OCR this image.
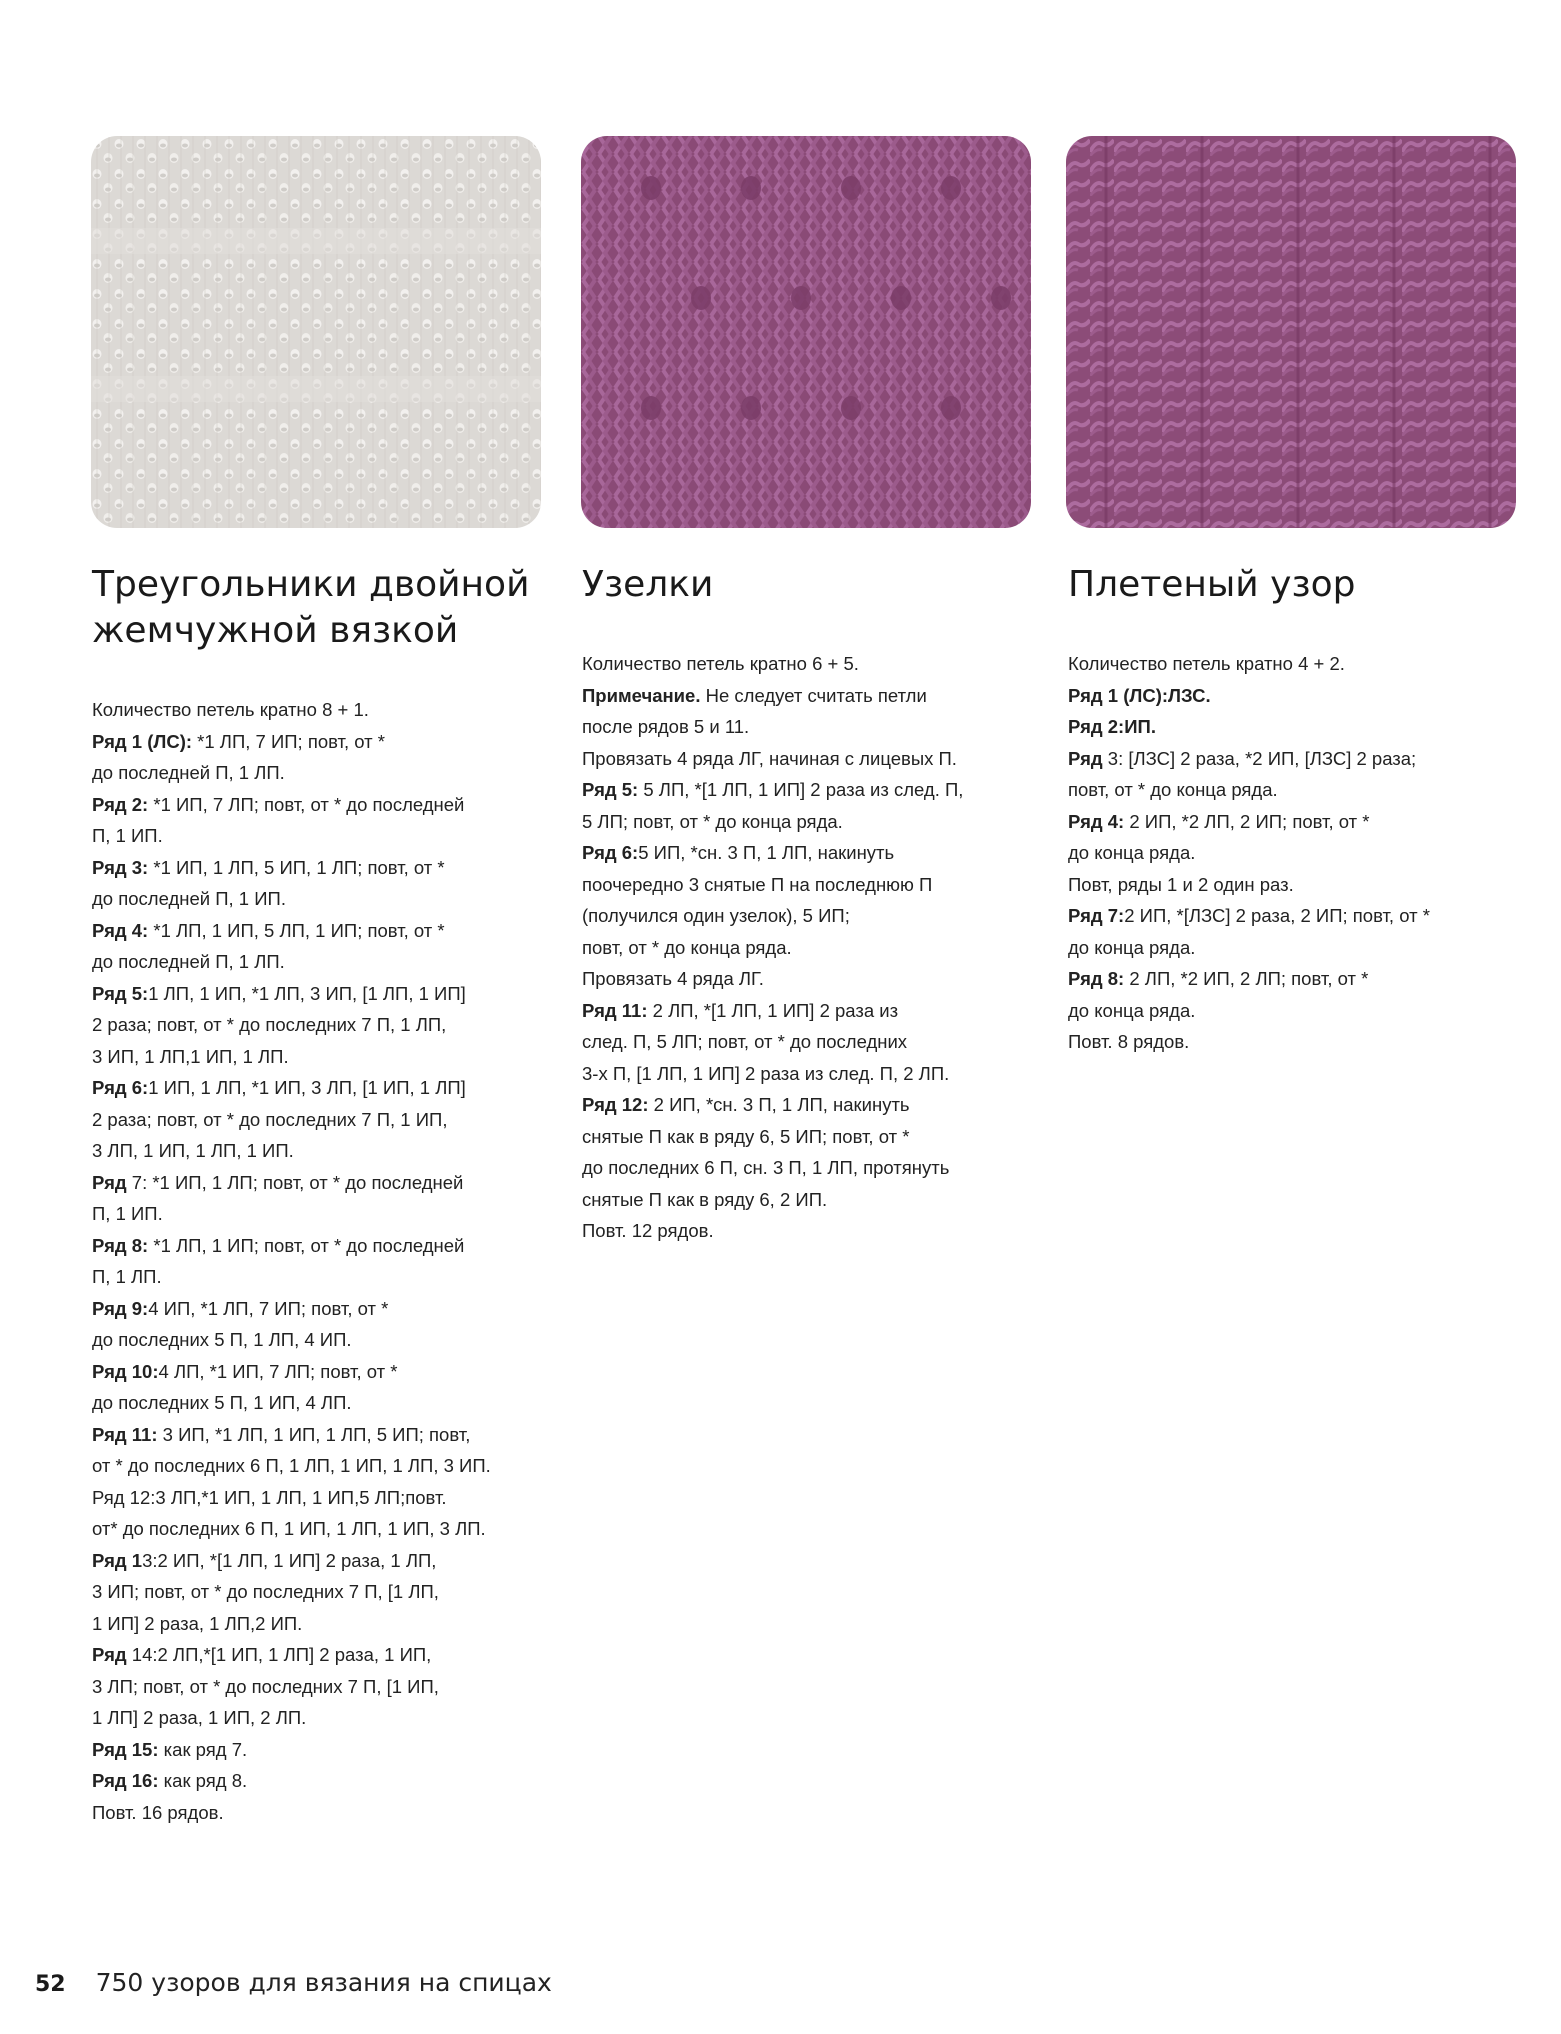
Треугольники двойной
жемчужной вязкой
Количество петель кратно 8 + 1.
Ряд 1 (ЛС): *1 ЛП, 7 ИП; повт, от *
до последней П, 1 ЛП.
Ряд 2: *1 ИП, 7 ЛП; повт, от * до последней
П, 1 ИП.
Ряд 3: *1 ИП, 1 ЛП, 5 ИП, 1 ЛП; повт, от *
до последней П, 1 ИП.
Ряд 4: *1 ЛП, 1 ИП, 5 ЛП, 1 ИП; повт, от *
до последней П, 1 ЛП.
Ряд 5:1 ЛП, 1 ИП, *1 ЛП, 3 ИП, [1 ЛП, 1 ИП]
2 раза; повт, от * до последних 7 П, 1 ЛП,
3 ИП, 1 ЛП,1 ИП, 1 ЛП.
Ряд 6:1 ИП, 1 ЛП, *1 ИП, 3 ЛП, [1 ИП, 1 ЛП]
2 раза; повт, от * до последних 7 П, 1 ИП,
3 ЛП, 1 ИП, 1 ЛП, 1 ИП.
Ряд 7: *1 ИП, 1 ЛП; повт, от * до последней
П, 1 ИП.
Ряд 8: *1 ЛП, 1 ИП; повт, от * до последней
П, 1 ЛП.
Ряд 9:4 ИП, *1 ЛП, 7 ИП; повт, от *
до последних 5 П, 1 ЛП, 4 ИП.
Ряд 10:4 ЛП, *1 ИП, 7 ЛП; повт, от *
до последних 5 П, 1 ИП, 4 ЛП.
Ряд 11: 3 ИП, *1 ЛП, 1 ИП, 1 ЛП, 5 ИП; повт,
от * до последних 6 П, 1 ЛП, 1 ИП, 1 ЛП, 3 ИП.
Ряд 12:3 ЛП,*1 ИП, 1 ЛП, 1 ИП,5 ЛП;повт.
от* до последних 6 П, 1 ИП, 1 ЛП, 1 ИП, 3 ЛП.
Ряд 13:2 ИП, *[1 ЛП, 1 ИП] 2 раза, 1 ЛП,
3 ИП; повт, от * до последних 7 П, [1 ЛП,
1 ИП] 2 раза, 1 ЛП,2 ИП.
Ряд 14:2 ЛП,*[1 ИП, 1 ЛП] 2 раза, 1 ИП,
3 ЛП; повт, от * до последних 7 П, [1 ИП,
1 ЛП] 2 раза, 1 ИП, 2 ЛП.
Ряд 15: как ряд 7.
Ряд 16: как ряд 8.
Повт. 16 рядов.
Узелки
Количество петель кратно 6 + 5.
Примечание. Не следует считать петли
после рядов 5 и 11.
Провязать 4 ряда ЛГ, начиная с лицевых П.
Ряд 5: 5 ЛП, *[1 ЛП, 1 ИП] 2 раза из след. П,
5 ЛП; повт, от * до конца ряда.
Ряд 6:5 ИП, *сн. 3 П, 1 ЛП, накинуть
поочередно 3 снятые П на последнюю П
(получился один узелок), 5 ИП;
повт, от * до конца ряда.
Провязать 4 ряда ЛГ.
Ряд 11: 2 ЛП, *[1 ЛП, 1 ИП] 2 раза из
след. П, 5 ЛП; повт, от * до последних
3-х П, [1 ЛП, 1 ИП] 2 раза из след. П, 2 ЛП.
Ряд 12: 2 ИП, *сн. 3 П, 1 ЛП, накинуть
снятые П как в ряду 6, 5 ИП; повт, от *
до последних 6 П, сн. 3 П, 1 ЛП, протянуть
снятые П как в ряду 6, 2 ИП.
Повт. 12 рядов.
Плетеный узор
Количество петель кратно 4 + 2.
Ряд 1 (ЛС):ЛЗС.
Ряд 2:ИП.
Ряд 3: [ЛЗС] 2 раза, *2 ИП, [ЛЗС] 2 раза;
повт, от * до конца ряда.
Ряд 4: 2 ИП, *2 ЛП, 2 ИП; повт, от *
до конца ряда.
Повт, ряды 1 и 2 один раз.
Ряд 7:2 ИП, *[ЛЗС] 2 раза, 2 ИП; повт, от *
до конца ряда.
Ряд 8: 2 ЛП, *2 ИП, 2 ЛП; повт, от *
до конца ряда.
Повт. 8 рядов.
52 750 узоров для вязания на спицах
